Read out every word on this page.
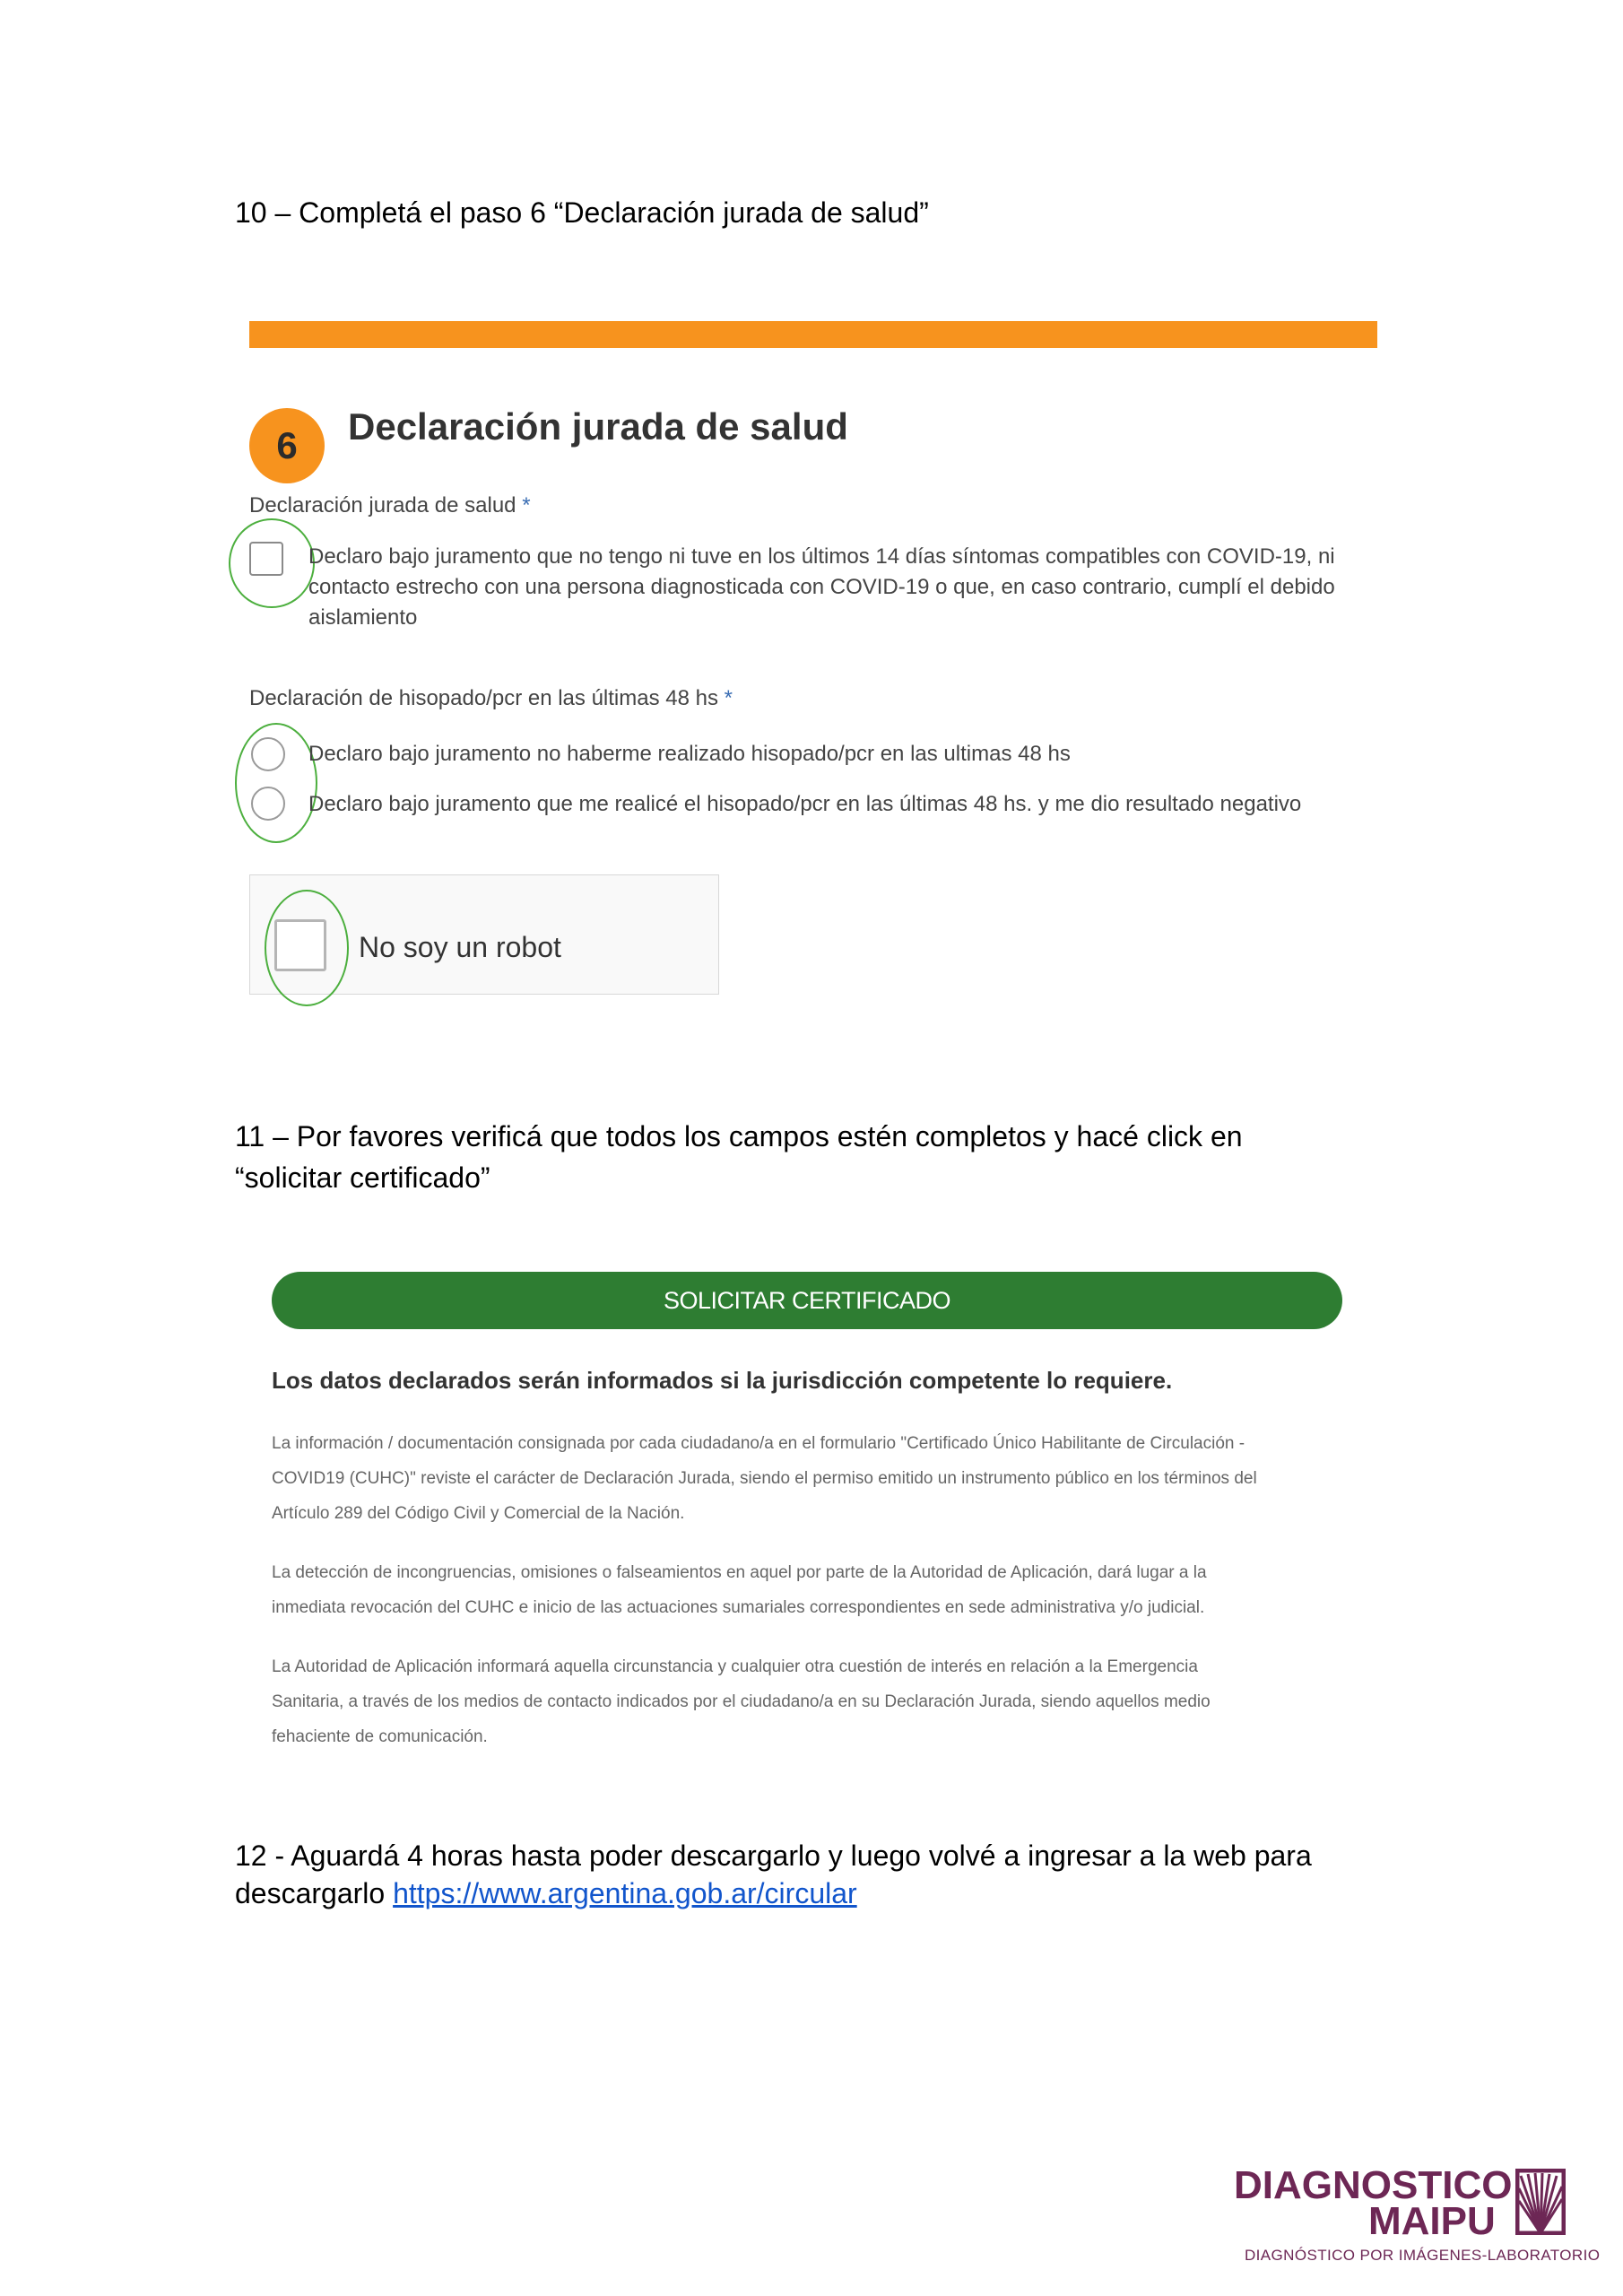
10 – Completá el paso 6 “Declaración jurada de salud”
6	Declaración jurada de salud
Declaración jurada de salud *
Declaro bajo juramento que no tengo ni tuve en los últimos 14 días síntomas compatibles con COVID-19, ni
contacto estrecho con una persona diagnosticada con COVID-19 o que, en caso contrario, cumplí el debido
aislamiento
Declaración de hisopado/pcr en las últimas 48 hs *
Declaro bajo juramento no haberme realizado hisopado/pcr en las ultimas 48 hs
Declaro bajo juramento que me realicé el hisopado/pcr en las últimas 48 hs. y me dio resultado negativo
No soy un robot
11 – Por favores verificá que todos los campos estén completos y hacé click en
“solicitar certificado”
SOLICITAR CERTIFICADO
Los datos declarados serán informados si la jurisdicción competente lo requiere.
La información / documentación consignada por cada ciudadano/a en el formulario "Certificado Único Habilitante de Circulación -
COVID19 (CUHC)" reviste el carácter de Declaración Jurada, siendo el permiso emitido un instrumento público en los términos del
Artículo 289 del Código Civil y Comercial de la Nación.
La detección de incongruencias, omisiones o falseamientos en aquel por parte de la Autoridad de Aplicación, dará lugar a la
inmediata revocación del CUHC e inicio de las actuaciones sumariales correspondientes en sede administrativa y/o judicial.
La Autoridad de Aplicación informará aquella circunstancia y cualquier otra cuestión de interés en relación a la Emergencia
Sanitaria, a través de los medios de contacto indicados por el ciudadano/a en su Declaración Jurada, siendo aquellos medio
fehaciente de comunicación.
12 - Aguardá 4 horas hasta poder descargarlo y luego volvé a ingresar a la web para
descargarlo https://www.argentina.gob.ar/circular
DIAGNOSTICO
MAIPU
DIAGNÓSTICO POR IMÁGENES-LABORATORIO
